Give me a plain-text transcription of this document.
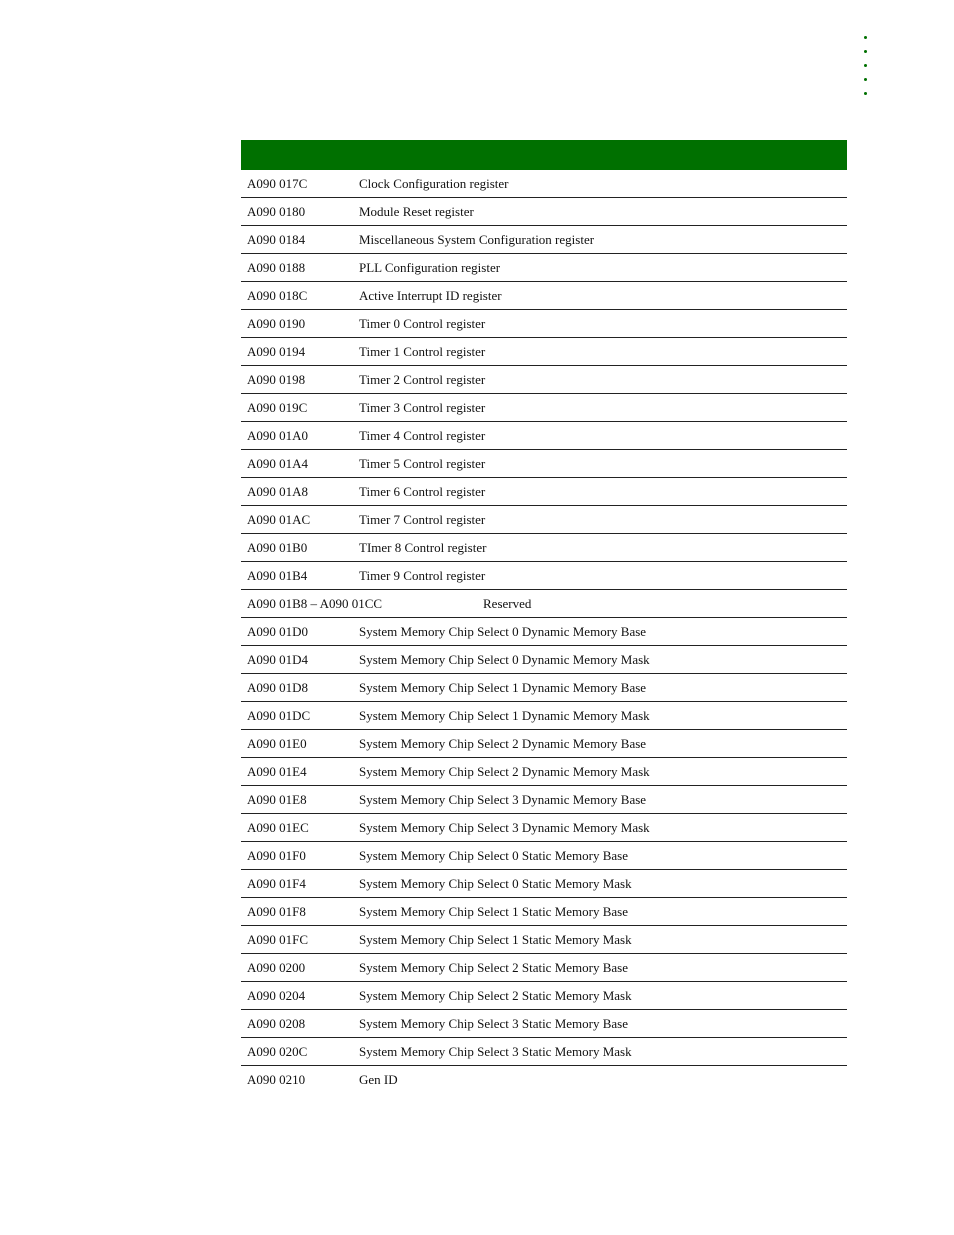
A090 017C	Clock Configuration register
A090 0180	Module Reset register
A090 0184	Miscellaneous System Configuration register
A090 0188	PLL Configuration register
A090 018C	Active Interrupt ID register
A090 0190	Timer 0 Control register
A090 0194	Timer 1 Control register
A090 0198	Timer 2 Control register
A090 019C	Timer 3 Control register
A090 01A0	Timer 4 Control register
A090 01A4	Timer 5 Control register
A090 01A8	Timer 6 Control register
A090 01AC	Timer 7 Control register
A090 01B0	TImer 8 Control register
A090 01B4	Timer 9 Control register
A090 01B8 – A090 01CC	Reserved
A090 01D0	System Memory Chip Select 0 Dynamic Memory Base
A090 01D4	System Memory Chip Select 0 Dynamic Memory Mask
A090 01D8	System Memory Chip Select 1 Dynamic Memory Base
A090 01DC	System Memory Chip Select 1 Dynamic Memory Mask
A090 01E0	System Memory Chip Select 2 Dynamic Memory Base
A090 01E4	System Memory Chip Select 2 Dynamic Memory Mask
A090 01E8	System Memory Chip Select 3 Dynamic Memory Base
A090 01EC	System Memory Chip Select 3 Dynamic Memory Mask
A090 01F0	System Memory Chip Select 0 Static Memory Base
A090 01F4	System Memory Chip Select 0 Static Memory Mask
A090 01F8	System Memory Chip Select 1 Static Memory Base
A090 01FC	System Memory Chip Select 1 Static Memory Mask
A090 0200	System Memory Chip Select 2 Static Memory Base
A090 0204	System Memory Chip Select 2 Static Memory Mask
A090 0208	System Memory Chip Select 3 Static Memory Base
A090 020C	System Memory Chip Select 3 Static Memory Mask
A090 0210	Gen ID
